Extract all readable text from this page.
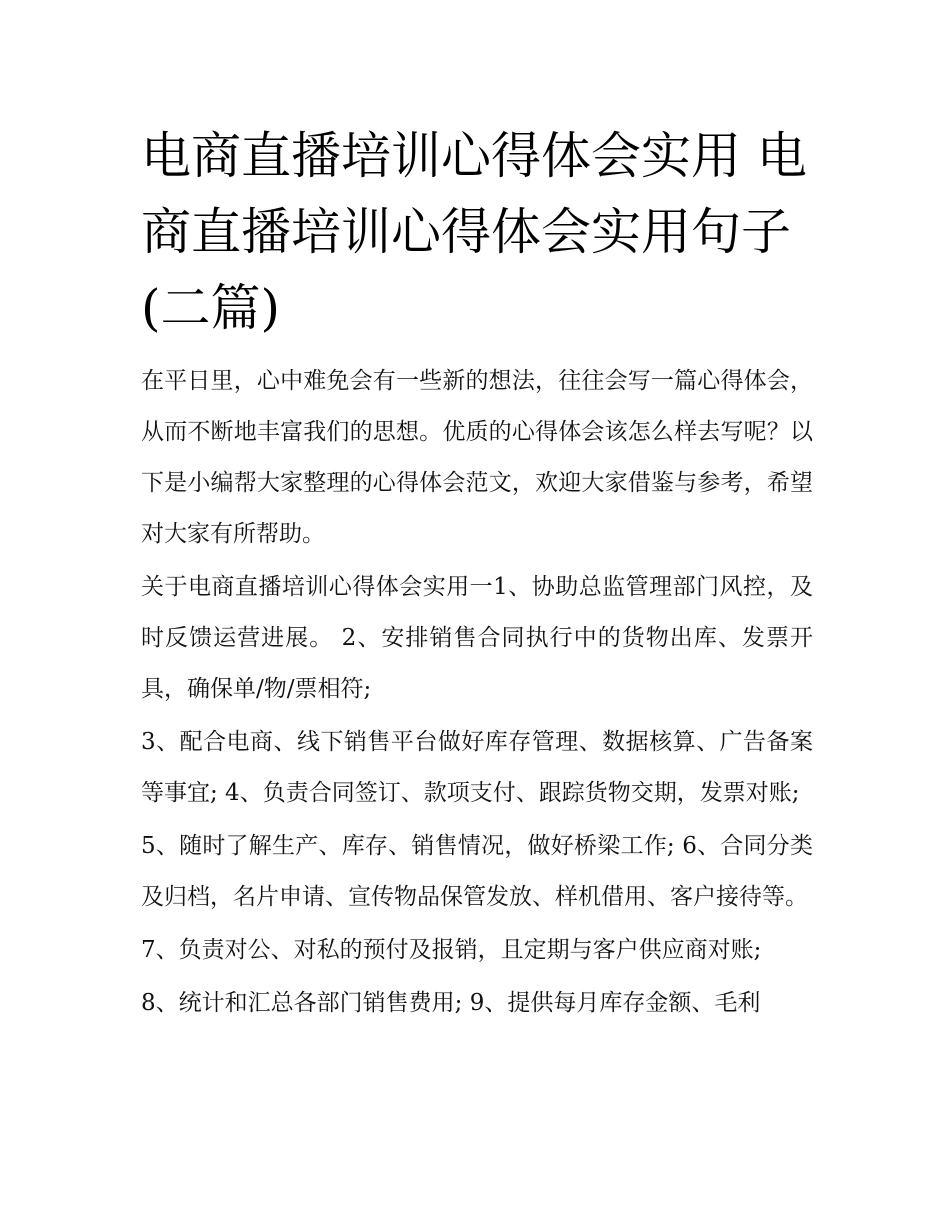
电商直播培训心得体会实用 电商直播培训心得体会实用句子(二篇)

在平日里，心中难免会有一些新的想法，往往会写一篇心得体会，从而不断地丰富我们的思想。优质的心得体会该怎么样去写呢？以下是小编帮大家整理的心得体会范文，欢迎大家借鉴与参考，希望对大家有所帮助。

关于电商直播培训心得体会实用一1、协助总监管理部门风控，及时反馈运营进展。 2、安排销售合同执行中的货物出库、发票开具，确保单/物/票相符;

3、配合电商、线下销售平台做好库存管理、数据核算、广告备案等事宜; 4、负责合同签订、款项支付、跟踪货物交期，发票对账;

5、随时了解生产、库存、销售情况，做好桥梁工作; 6、合同分类及归档，名片申请、宣传物品保管发放、样机借用、客户接待等。

7、负责对公、对私的预付及报销，且定期与客户供应商对账;

8、统计和汇总各部门销售费用; 9、提供每月库存金额、毛利
